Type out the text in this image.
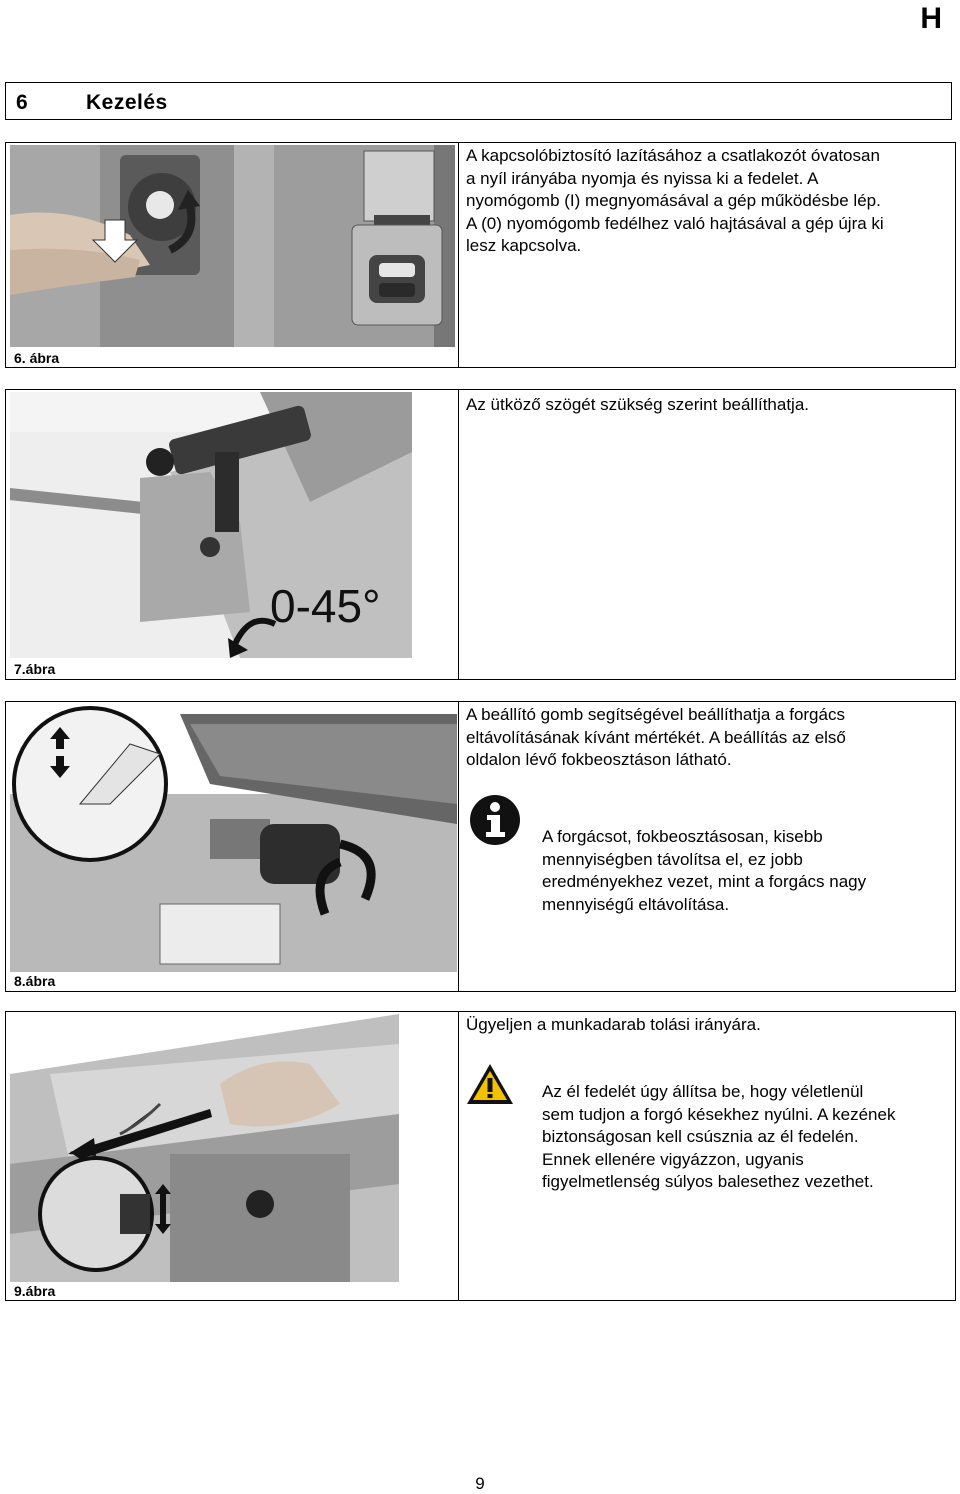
H
6	Kezelés
6. ábra
A kapcsolóbiztosító lazításához a csatlakozót óvatosan
a nyíl irányába nyomja és nyissa ki a fedelet. A
nyomógomb (I) megnyomásával a gép működésbe lép.
A (0) nyomógomb fedélhez való hajtásával a gép újra ki
lesz kapcsolva.
0-45°
7.ábra
Az ütköző szögét szükség szerint beállíthatja.
8.ábra
A beállító gomb segítségével beállíthatja a forgács
eltávolításának kívánt mértékét. A beállítás az első
oldalon lévő fokbeosztáson látható.
A forgácsot, fokbeosztásosan, kisebb
mennyiségben távolítsa el, ez jobb
eredményekhez vezet, mint a forgács nagy
mennyiségű eltávolítása.
9.ábra
Ügyeljen a munkadarab tolási irányára.
Az él fedelét úgy állítsa be, hogy véletlenül
sem tudjon a forgó késekhez nyúlni. A kezének
biztonságosan kell csúsznia az él fedelén.
Ennek ellenére vigyázzon, ugyanis
figyelmetlenség súlyos balesethez vezethet.
9
